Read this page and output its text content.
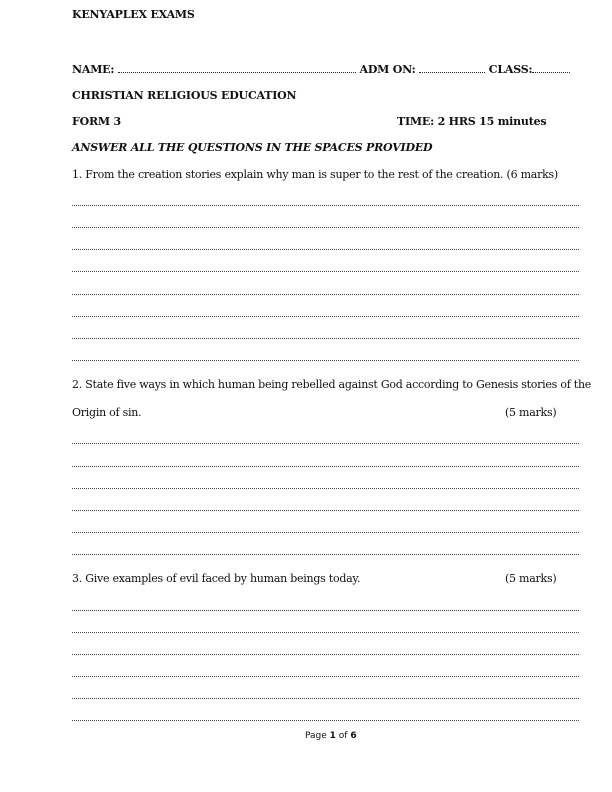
KENYAPLEX EXAMS
NAME:	ADM ON:	CLASS:
CHRISTIAN RELIGIOUS EDUCATION
FORM 3	TIME: 2 HRS 15 minutes
ANSWER ALL THE QUESTIONS IN THE SPACES PROVIDED
1. From the creation stories explain why man is super to the rest of the creation. (6 marks)
2. State five ways in which human being rebelled against God according to Genesis stories of the
Origin of sin.	(5 marks)
3. Give examples of evil faced by human beings today.	(5 marks)
Page 1 of 6
